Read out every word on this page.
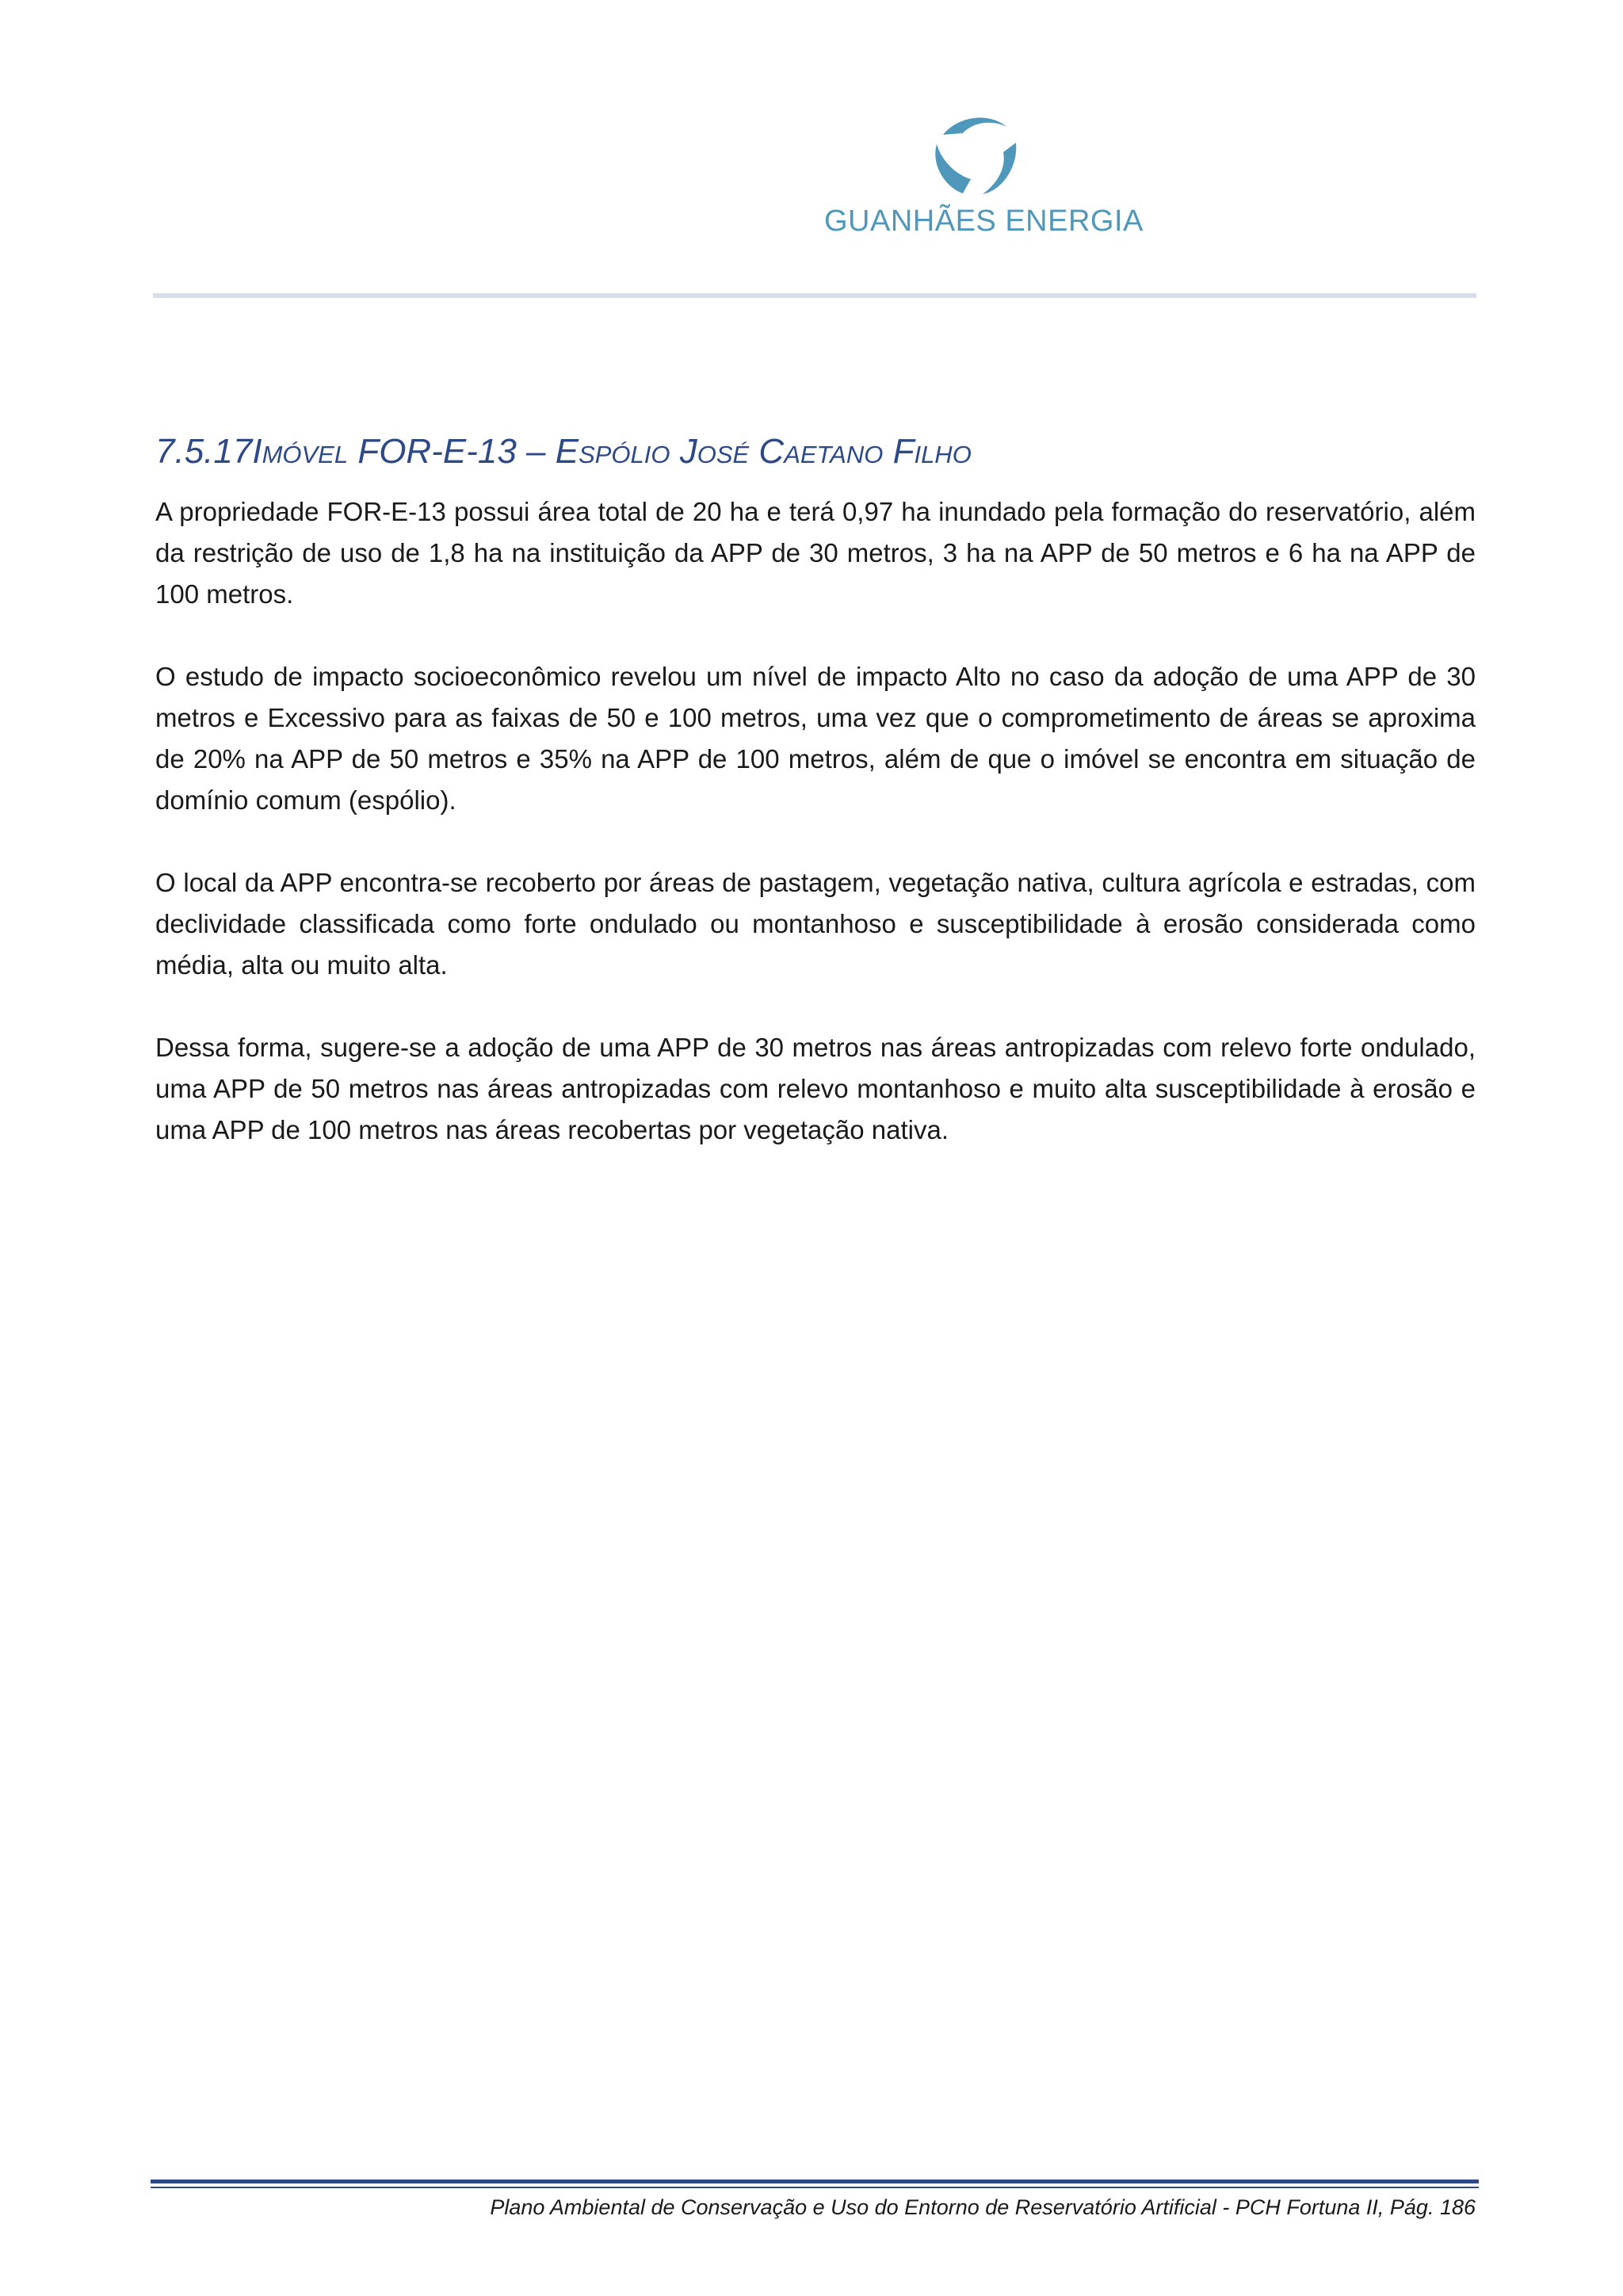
GUANHÃES ENERGIA
7.5.17Imóvel FOR-E-13 – Espólio José Caetano Filho

A propriedade FOR-E-13 possui área total de 20 ha e terá 0,97 ha inundado pela formação do reservatório, além da restrição de uso de 1,8 ha na instituição da APP de 30 metros, 3 ha na APP de 50 metros e 6 ha na APP de 100 metros.

O estudo de impacto socioeconômico revelou um nível de impacto Alto no caso da adoção de uma APP de 30 metros e Excessivo para as faixas de 50 e 100 metros, uma vez que o comprometimento de áreas se aproxima de 20% na APP de 50 metros e 35% na APP de 100 metros, além de que o imóvel se encontra em situação de domínio comum (espólio).

O local da APP encontra-se recoberto por áreas de pastagem, vegetação nativa, cultura agrícola e estradas, com declividade classificada como forte ondulado ou montanhoso e susceptibilidade à erosão considerada como média, alta ou muito alta.

Dessa forma, sugere-se a adoção de uma APP de 30 metros nas áreas antropizadas com relevo forte ondulado, uma APP de 50 metros nas áreas antropizadas com relevo montanhoso e muito alta susceptibilidade à erosão e uma APP de 100 metros nas áreas recobertas por vegetação nativa.

Plano Ambiental de Conservação e Uso do Entorno de Reservatório Artificial - PCH Fortuna II, Pág. 186
